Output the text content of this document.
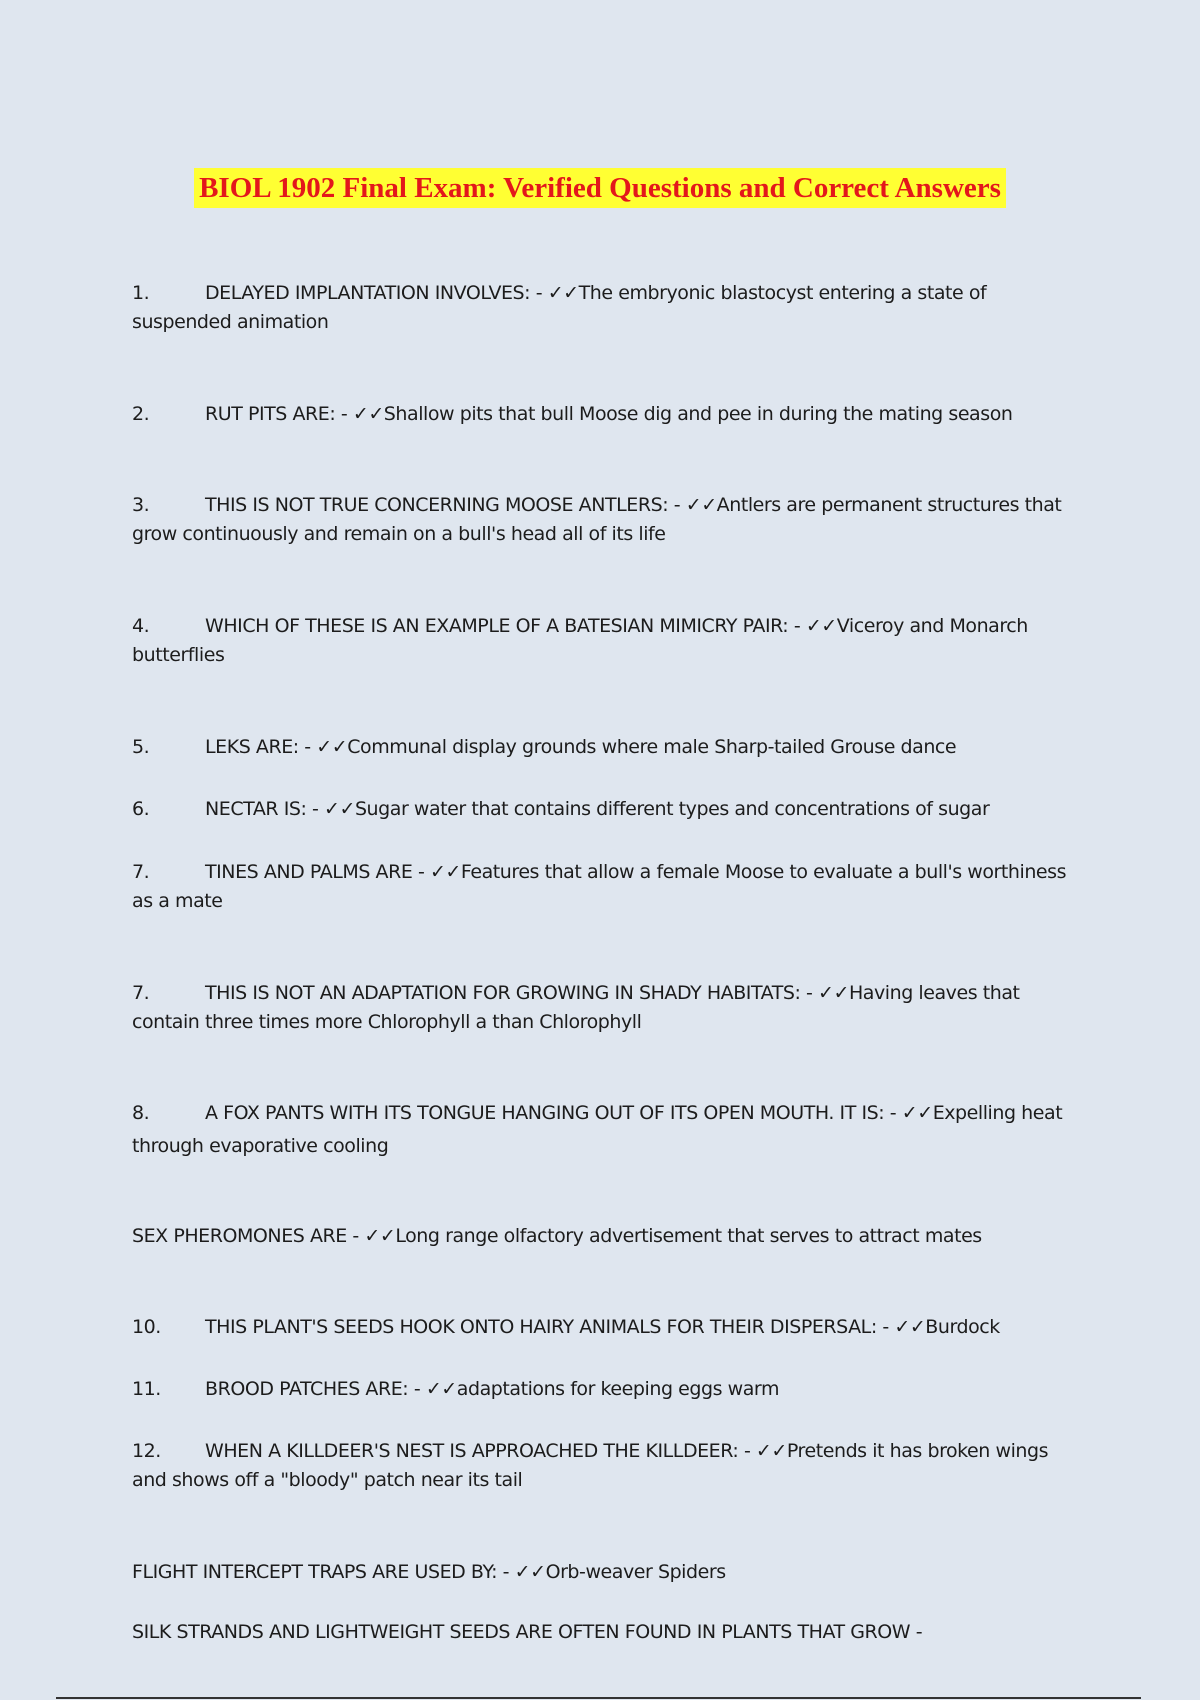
BIOL 1902 Final Exam: Verified Questions and Correct Answers

1.	DELAYED IMPLANTATION INVOLVES: - ✓✓The embryonic blastocyst entering a state of suspended animation

2.	RUT PITS ARE: - ✓✓Shallow pits that bull Moose dig and pee in during the mating season

3.	THIS IS NOT TRUE CONCERNING MOOSE ANTLERS: - ✓✓Antlers are permanent structures that grow continuously and remain on a bull's head all of its life

4.	WHICH OF THESE IS AN EXAMPLE OF A BATESIAN MIMICRY PAIR: - ✓✓Viceroy and Monarch butterflies

5.	LEKS ARE: - ✓✓Communal display grounds where male Sharp-tailed Grouse dance

6.	NECTAR IS: - ✓✓Sugar water that contains different types and concentrations of sugar

7.	TINES AND PALMS ARE - ✓✓Features that allow a female Moose to evaluate a bull's worthiness as a mate

7.	THIS IS NOT AN ADAPTATION FOR GROWING IN SHADY HABITATS: - ✓✓Having leaves that contain three times more Chlorophyll a than Chlorophyll

8.	A FOX PANTS WITH ITS TONGUE HANGING OUT OF ITS OPEN MOUTH. IT IS: - ✓✓Expelling heat through evaporative cooling

SEX PHEROMONES ARE - ✓✓Long range olfactory advertisement that serves to attract mates

10. THIS PLANT'S SEEDS HOOK ONTO HAIRY ANIMALS FOR THEIR DISPERSAL: - ✓✓Burdock

11. BROOD PATCHES ARE: - ✓✓adaptations for keeping eggs warm

12. WHEN A KILLDEER'S NEST IS APPROACHED THE KILLDEER: - ✓✓Pretends it has broken wings and shows off a "bloody" patch near its tail

FLIGHT INTERCEPT TRAPS ARE USED BY: - ✓✓Orb-weaver Spiders

SILK STRANDS AND LIGHTWEIGHT SEEDS ARE OFTEN FOUND IN PLANTS THAT GROW -
